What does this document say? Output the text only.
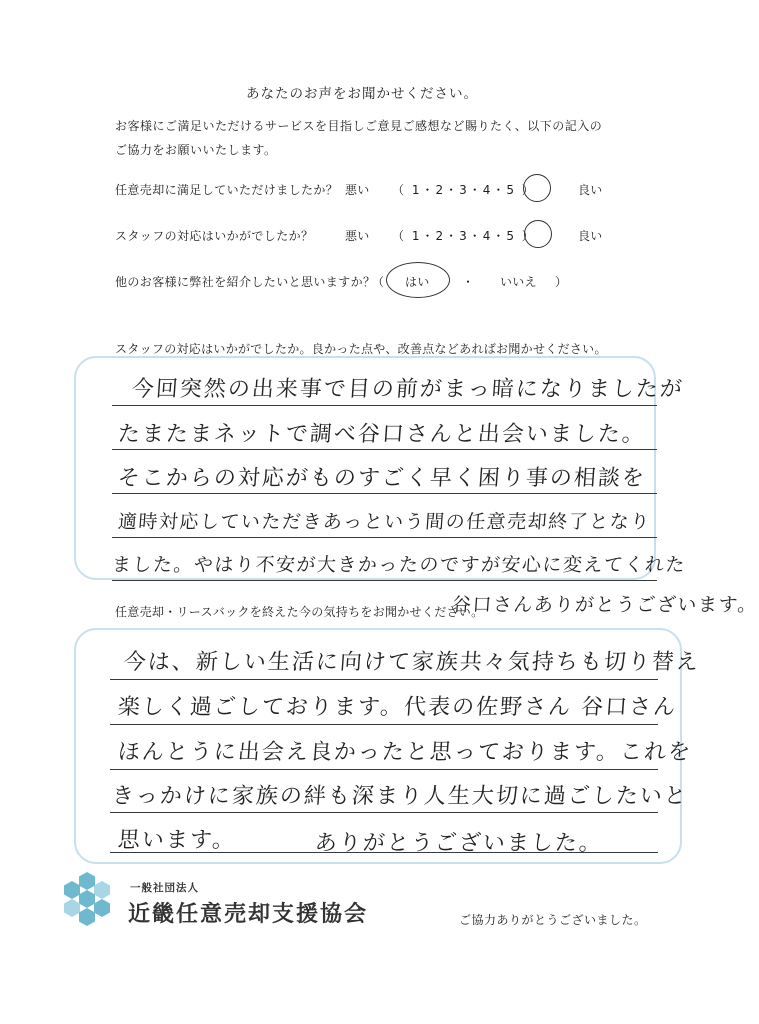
あなたのお声をお聞かせください。
お客様にご満足いただけるサービスを目指しご意見ご感想など賜りたく、以下の記入の
ご協力をお願いいたします。
任意売却に満足していただけましたか？ 悪い （ 1・2・3・4・5 ）	良い
スタッフの対応はいかがでしたか？	悪い （ 1・2・3・4・5 ）	良い
他のお客様に弊社を紹介したいと思いますか？
（ はい	・ いいえ ）
スタッフの対応はいかがでしたか。良かった点や、改善点などあればお聞かせください。
今回突然の出来事で目の前がまっ暗になりましたが
たまたまネットで調べ谷口さんと出会いました。
そこからの対応がものすごく早く困り事の相談を
適時対応していただきあっという間の任意売却終了となり
ました。やはり不安が大きかったのですが安心に変えてくれた
谷口さんありがとうございます。
任意売却・リースバックを終えた今の気持ちをお聞かせください。
今は、新しい生活に向けて家族共々気持ちも切り替え
楽しく過ごしております。代表の佐野さん 谷口さん
ほんとうに出会え良かったと思っております。これを
きっかけに家族の絆も深まり人生大切に過ごしたいと
思います。	ありがとうございました。
一般社団法人
近畿任意売却支援協会	ご協力ありがとうございました。
